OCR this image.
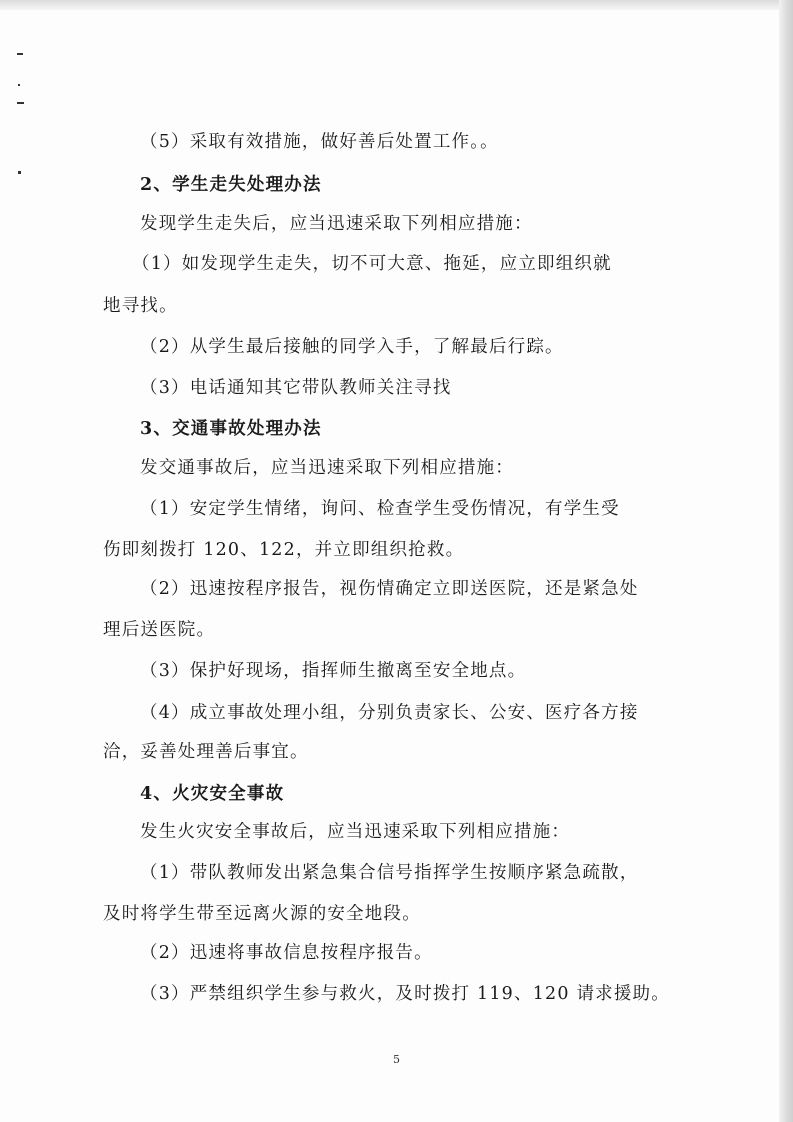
（5）采取有效措施，做好善后处置工作。。
2、学生走失处理办法
发现学生走失后，应当迅速采取下列相应措施：
（1）如发现学生走失，切不可大意、拖延，应立即组织就
地寻找。
（2）从学生最后接触的同学入手，了解最后行踪。
（3）电话通知其它带队教师关注寻找
3、交通事故处理办法
发交通事故后，应当迅速采取下列相应措施：
（1）安定学生情绪，询问、检查学生受伤情况，有学生受
伤即刻拨打 120、122，并立即组织抢救。
（2）迅速按程序报告，视伤情确定立即送医院，还是紧急处
理后送医院。
（3）保护好现场，指挥师生撤离至安全地点。
（4）成立事故处理小组，分别负责家长、公安、医疗各方接
洽，妥善处理善后事宜。
4、火灾安全事故
发生火灾安全事故后，应当迅速采取下列相应措施：
（1）带队教师发出紧急集合信号指挥学生按顺序紧急疏散，
及时将学生带至远离火源的安全地段。
（2）迅速将事故信息按程序报告。
（3）严禁组织学生参与救火，及时拨打 119、120 请求援助。
5
